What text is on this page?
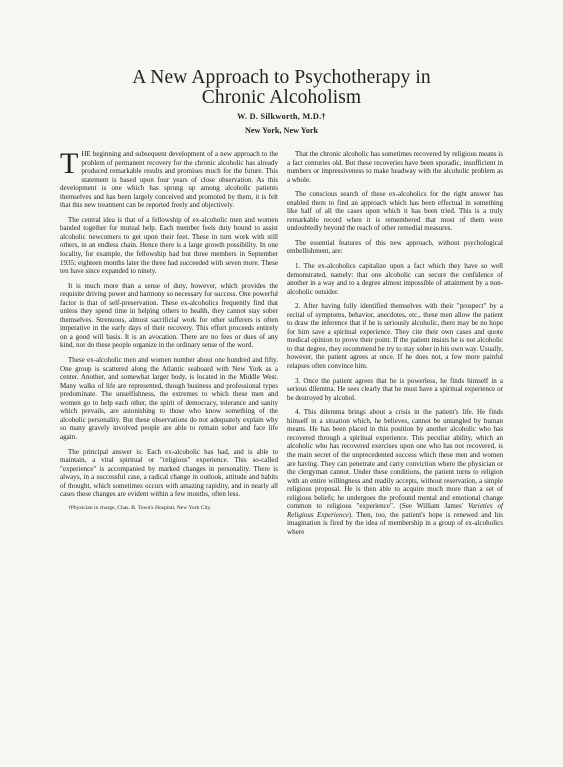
A New Approach to Psychotherapy in
Chronic Alcoholism

W. D. Silkworth, M.D.†

New York, New York

THE beginning and subsequent development of a new approach to the problem of permanent recovery for the chronic alcoholic has already produced remarkable results and promises much for the future. This statement is based upon four years of close observation. As this development is one which has sprung up among alcoholic patients themselves and has been largely conceived and promoted by them, it is felt that this new treatment can be reported freely and objectively.

The central idea is that of a fellowship of ex-alcoholic men and women banded together for mutual help. Each member feels duty bound to assist alcoholic newcomers to get upon their feet. These in turn work with still others, in an endless chain. Hence there is a large growth possibility. In one locality, for example, the fellowship had but three members in September 1935; eighteen months later the three had succeeded with seven more. These ten have since expanded to ninety.

It is much more than a sense of duty, however, which provides the requisite driving power and harmony so necessary for success. One powerful factor is that of self-preservation. These ex-alcoholics frequently find that unless they spend time in helping others to health, they cannot stay sober themselves. Strenuous, almost sacrificial work for other sufferers is often imperative in the early days of their recovery. This effort proceeds entirely on a good will basis. It is an avocation. There are no fees or dues of any kind, nor do these people organize in the ordinary sense of the word.

These ex-alcoholic men and women number about one hundred and fifty. One group is scattered along the Atlantic seaboard with New York as a center. Another, and somewhat larger body, is located in the Middle West. Many walks of life are represented, though business and professional types predominate. The unselfishness, the extremes to which these men and women go to help each other, the spirit of democracy, tolerance and sanity which prevails, are astonishing to those who know something of the alcoholic personality. But these observations do not adequately explain why so many gravely involved people are able to remain sober and face life again.

The principal answer is: Each ex-alcoholic has had, and is able to maintain, a vital spiritual or "religious" experience. This so-called "experience" is accompanied by marked changes in personality. There is always, in a successful case, a radical change in outlook, attitude and habits of thought, which sometimes occurs with amazing rapidity, and in nearly all cases these changes are evident within a few months, often less.

†Physician in charge, Chas. B. Town's Hospital, New York City.

That the chronic alcoholic has sometimes recovered by religious means is a fact centuries old. But these recoveries have been sporadic, insufficient in numbers or impressiveness to make headway with the alcoholic problem as a whole.

The conscious search of these ex-alcoholics for the right answer has enabled them to find an approach which has been effectual in something like half of all the cases upon which it has been tried. This is a truly remarkable record when it is remembered that most of them were undoubtedly beyond the reach of other remedial measures.

The essential features of this new approach, without psychological embellishment, are:

1. The ex-alcoholics capitalize upon a fact which they have so well demonstrated, namely: that one alcoholic can secure the confidence of another in a way and to a degree almost impossible of attainment by a non-alcoholic outsider.

2. After having fully identified themselves with their "prospect" by a recital of symptoms, behavior, anecdotes, etc., these men allow the patient to draw the inference that if he is seriously alcoholic, there may be no hope for him save a spiritual experience. They cite their own cases and quote medical opinion to prove their point. If the patient insists he is not alcoholic to that degree, they recommend he try to stay sober in his own way. Usually, however, the patient agrees at once. If he does not, a few more painful relapses often convince him.

3. Once the patient agrees that he is powerless, he finds himself in a serious dilemma. He sees clearly that he must have a spiritual experience or be destroyed by alcohol.

4. This dilemma brings about a crisis in the patient's life. He finds himself in a situation which, he believes, cannot be untangled by human means. He has been placed in this position by another alcoholic who has recovered through a spiritual experience. This peculiar ability, which an alcoholic who has recovered exercises upon one who has not recovered, is the main secret of the unprecedented success which these men and women are having. They can penetrate and carry conviction where the physician or the clergyman cannot. Under these conditions, the patient turns to religion with an entire willingness and readily accepts, without reservation, a simple religious proposal. He is then able to acquire much more than a set of religious beliefs; he undergoes the profound mental and emotional change common to religious "experience". (See William James' Varieties of Religious Experience). Then, too, the patient's hope is renewed and his imagination is fired by the idea of membership in a group of ex-alcoholics where
